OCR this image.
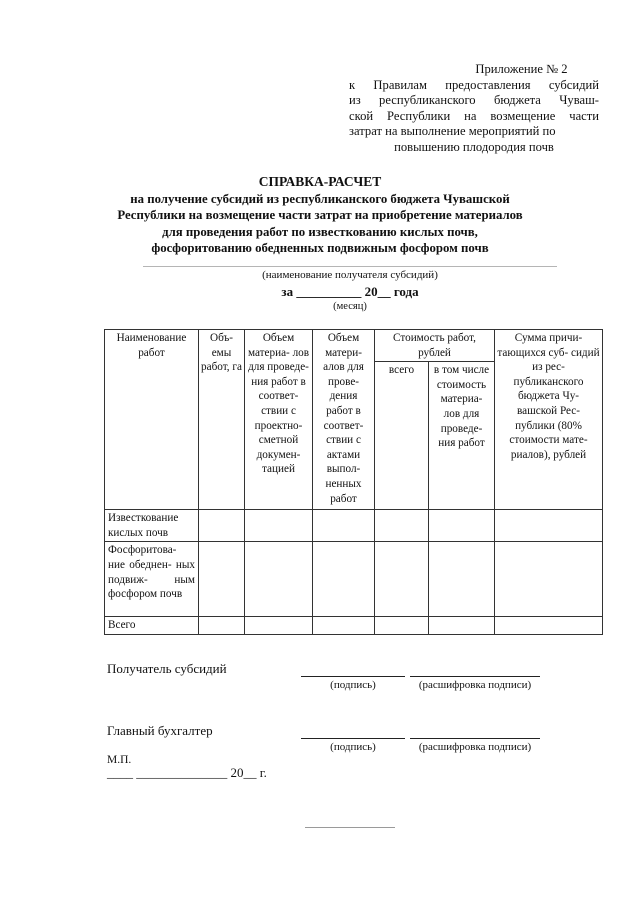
Приложение № 2
к Правилам предоставления субсидий
из республиканского бюджета Чуваш-
ской Республики на возмещение части
затрат на выполнение мероприятий по
повышению плодородия почв
СПРАВКА-РАСЧЕТ
на получение субсидий из республиканского бюджета Чувашской
Республики на возмещение части затрат на приобретение материалов
для проведения работ по известкованию кислых почв,
фосфоритованию обедненных подвижным фосфором почв
(наименование получателя субсидий)
за __________ 20__ года
(месяц)
Наименование работ	Объ- емы работ, га	Объем материа- лов для проведе- ния работ в соответ- ствии с проектно- сметной докумен- тацией	Объем матери- алов для прове- дения работ в соответ- ствии с актами выпол- ненных работ	Стоимость работ, рублей		Сумма причи- тающихся суб- сидий из рес- публиканского бюджета Чу- вашской Рес- публики (80% стоимости мате- риалов), рублей
				всего	в том числе стоимость материа- лов для проведе- ния работ	
Известкование кислых почв						
Фосфоритова- ние обеднен- ных подвиж- ным фосфором почв						
Всего						
Получатель субсидий
(подпись)	(расшифровка подписи)
Главный бухгалтер
(подпись)	(расшифровка подписи)
М.П.
____ ______________ 20__ г.
